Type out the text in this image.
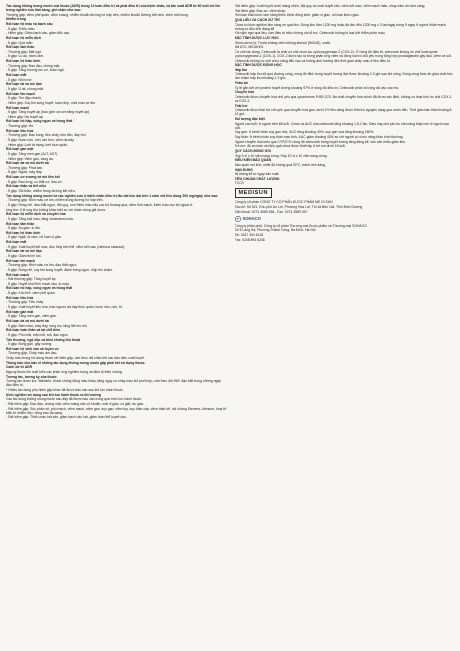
Tác dụng không mong muốn của thuốc (ADR) trong 12 tuần điều trị và phải điều trị của bệnh nhân, và tần suất ADR từ 60 tuổi trở lên trong nghiên cứu lâm sàng, ghi nhận như sau:

Thường gặp: viêm phế quản, viêm xoang, nhiễm khuẩn đường hô hấp trên, nhiễm khuẩn đường tiết niệu, viêm mũi họng.

Nhiễm trùng

Rối loạn hệ máu và bạch cầu

- Ít gặp: Thiếu máu.

- Hiếm gặp: Giảm bạch cầu, giảm tiểu cầu.

Rối loạn hệ miễn dịch

- Ít gặp: Quá mẫn.

Rối loạn tâm thần

- Thường gặp: Mất ngủ.

- Ít gặp: Lo âu, trầm cảm.

Rối loạn hệ thần kinh

- Thường gặp: Đau đầu, chóng mặt.

- Ít gặp: Tăng trương lực cơ, buồn ngủ.

Rối loạn mắt

- Ít gặp: Nhìn mờ.

Rối loạn tai và mê đạo

- Ít gặp: Ù tai, chóng mặt.

Rối loạn tim mạch

- Ít gặp: Tim đập nhanh.

- Hiếm gặp: Suy tim sung huyết, loạn nhịp, nhồi máu cơ tim.

Rối loạn mạch

- Ít gặp: Tăng huyết áp (bao gồm cả cơn tăng huyết áp).

- Hiếm gặp: Hạ huyết áp.

Rối loạn hô hấp, vùng ngực và trung thất

- Thường gặp: Ho.

Rối loạn tiêu hóa

- Thường gặp: Đau bụng, tiêu chảy, khó tiêu, đầy hơi.

- Ít gặp: Buồn nôn, nôn, táo bón, viêm dạ dày.

- Hiếm gặp: Loét tá tràng, loét thực quản.

Rối loạn gan mật

- Ít gặp: Tăng men gan (ALT, AST).

- Hiếm gặp: Viêm gan, vàng da.

Rối loạn da và mô dưới da

- Thường gặp: Phát ban.

- Ít gặp: Ngứa, mày đay.

Rối loạn cơ xương và mô liên kết

- Ít gặp: Đau lưng, co thắt cơ, đau cơ.

Rối loạn thận và tiết niệu

- Ít gặp: Sỏi thận, nhiễm trùng đường tiết niệu.

Tác dụng không mong muốn từ các nghiên cứu ở bệnh nhân điều trị lâu dài kéo dài trên 1 năm với liều dùng 200 mg/ngày như sau:

- Thường gặp: Nhồi máu cơ tim, nhiễm trùng đường hô hấp trên.

- Ít gặp: Rung nhĩ, đau thắt ngực, đột quỵ, cơn thiếu máu não cục bộ thoáng qua, viêm tĩnh mạch, thiếu máu cục bộ ngoại vi.

Ung thư: tỉ lệ ung thư không khác biệt so với nhóm dùng giả dược.

Rối loạn hệ miễn dịch và chuyển hóa

- Ít gặp: Tăng kali máu, tăng cholesterol máu.

Rối loạn tâm thần

- Ít gặp: Ảo giác, lú lẫn.

Rối loạn hệ thần kinh

- Ít gặp: Ngất, dị cảm, rối loạn vị giác.

Rối loạn mắt

- Ít gặp: Xuất huyết kết mạc, đục thủy tinh thể, viêm kết mạc (vitreous cataract).

Rối loạn tai và mê đạo

- Ít gặp: Giảm thính lực.

Rối loạn tim mạch

- Thường gặp: Nhồi máu cơ tim, đau thắt ngực.

- Ít gặp: Rung nhĩ, suy tim sung huyết, đánh trống ngực, nhịp tim chậm.

Rối loạn mạch

- Rất thường gặp: Tăng huyết áp.

- Ít gặp: Huyết khối tĩnh mạch sâu, tụ máu.

Rối loạn hô hấp, vùng ngực và trung thất

- Ít gặp: Khó thở, viêm phế quản.

Rối loạn tiêu hóa

- Thường gặp: Tiêu chảy.

- Ít gặp: Xuất huyết tiêu hóa, trào ngược dạ dày thực quản, buồn nôn, nôn, trĩ.

Rối loạn gan mật

- Ít gặp: Tăng men gan, viêm gan.

Rối loạn da và mô dưới da

- Ít gặp: Bầm máu, mày đay, rụng tóc, tăng tiết mồ hôi.

Rối loạn toàn thân và tại chỗ tiêm

- Ít gặp: Phù mặt, mệt mỏi, sốt, đau ngực.

Tổn thương, ngộ độc và biến chứng thủ thuật

- Ít gặp: Bong gân, gãy xương.

Rối loạn hệ sinh sản và tuyến vú

- Thường gặp: Chảy máu âm đạo.

Chảy máu trong khi dùng thuốc rất hiếm gặp, cần theo dõi chặt chẽ các dấu hiệu xuất huyết.

Thông báo cho bác sĩ những tác dụng không mong muốn gặp phải khi sử dụng thuốc.

Cách xử trí ADR

Ngưng thuốc khi xuất hiện các phản ứng nghiêm trọng và điều trị triệu chứng.

Tương tác, tương kỵ của thuốc

Tương tác dược lực: Warfarin, thuốc chống đông máu khác; tăng nguy cơ chảy máu khi phối hợp, cần theo dõi INR, đặc biệt trong những ngày đầu điều trị.

* Nhiều tác dụng phụ hiếm gặp khác đã được báo cáo sau khi lưu hành thuốc.

Kinh nghiệm sử dụng sau khi lưu hành thuốc ra thị trường

Các tác dụng không mong muốn sau đây đã được báo cáo trong quá trình lưu hành thuốc:

- Rất hiếm gặp: Đau đầu, chóng mặt, viêm màng não vô khuẩn, mất vị giác, co giật, ảo giác.

- Rất hiếm gặp: Sốc phản vệ, phù mạch, viêm mạch, viêm gan, suy gan, viêm tụy, suy thận cấp, viêm thận kẽ, hội chứng Stevens-Johnson, hoại tử biểu bì nhiễm độc, hồng ban đa dạng.

- Rất hiếm gặp: Thiếu máu bất sản, giảm bạch cầu hạt, giảm toàn thể huyết cầu.

Rất hiếm gặp: Xuất huyết dưới màng nhện, đột quỵ do xuất huyết não, viêm kết mạc, viêm mạch máu, nhạy cảm với ánh sáng.

Rất hiếm gặp: Đau cơ, viêm khớp.

Rối loạn thần kinh: làm nặng thêm bệnh động kinh, giảm vị giác, rối loạn khứu giác.

QUÁ LIỀU VÀ CÁCH XỬ TRÍ

Chưa có kinh nghiệm lâm sàng về quá liều. Dùng liều đơn 1200 mg hoặc đa liều đến 1200 mg x 2 lần/ngày trong 9 ngày ở người khỏe mạnh không có độc tính đáng kể.

Khi nghi ngờ quá liều, cần điều trị triệu chứng và hỗ trợ. Celecoxib không bị loại bởi thẩm phân máu.

ĐẶC TÍNH DƯỢC LỰC HỌC

Nhóm dược lý: Thuốc kháng viêm không steroid (NSAID), coxib.

Mã ATC: M01AH01

Cơ chế tác dụng: Celecoxib là chất ức chế chọn lọc cyclooxygenase-2 (COX-2). Ở nồng độ điều trị, celecoxib không ức chế isoenzyme cyclooxygenase-1 (COX-1). COX-2 được tạo ra trong phản ứng viêm và đóng vai trò chủ yếu trong tổng hợp prostaglandin gây đau, viêm và sốt.

Celecoxib không ức chế chức năng tiểu cầu và không ảnh hưởng đến thời gian chảy máu ở liều điều trị.

ĐẶC TÍNH DƯỢC ĐỘNG HỌC

Hấp thu

Celecoxib hấp thu tốt qua đường uống, nồng độ đỉnh trong huyết tương đạt được khoảng 2-3 giờ sau khi uống. Dùng cùng thức ăn giàu chất béo làm chậm hấp thu khoảng 1-2 giờ.

Phân bố

Tỷ lệ gắn kết với protein huyết tương khoảng 97% ở nồng độ điều trị. Celecoxib phân bố rộng rãi vào các mô.

Chuyển hóa

Celecoxib được chuyển hóa chủ yếu qua cytochrome P450 2C9. Ba chất chuyển hóa chính đã được xác định, không có hoạt tính ức chế COX-1 và COX-2.

Thải trừ

Celecoxib được thải trừ chủ yếu qua chuyển hóa gan, dưới 1% liều dùng được thải trừ nguyên dạng qua nước tiểu. Thời gian bán thải khoảng 8-12 giờ.

Đối tượng đặc biệt

Người cao tuổi: ở người trên 65 tuổi, Cmax và AUC của celecoxib tăng khoảng 1,5-2 lần. Điều này chủ yếu do cân nặng thấp hơn ở người cao tuổi.

Suy gan: ở bệnh nhân suy gan nhẹ, AUC tăng khoảng 40%; suy gan vừa tăng khoảng 180%.

Suy thận: ở bệnh nhân suy thận mạn tính, AUC giảm khoảng 40% so với người có chức năng thận bình thường.

Người chuyển hóa kém qua CYP2C9: nồng độ celecoxib trong huyết tương tăng đáng kể, cần cân nhắc giảm liều.

Trẻ em: độ an toàn và hiệu quả chưa được thiết lập ở trẻ em dưới 18 tuổi.

QUY CÁCH ĐÓNG GÓI

Hộp 3 vỉ x 10 viên nang cứng. Hộp 10 vỉ x 10 viên nang cứng.

ĐIỀU KIỆN BẢO QUẢN

Bảo quản nơi khô, nhiệt độ không quá 30°C, tránh ánh sáng.

HẠN DÙNG

36 tháng kể từ ngày sản xuất.

TIÊU CHUẨN CHẤT LƯỢNG

TCCS

MEDISUN

Công ty cổ phần CÔNG TY CỔ PHẦN DƯỢC PHẨM ME DI SUN

Địa chỉ: Số 521, Khu phố An Lợi, Phường Hòa Lợi, Thị xã Bến Cát, Tỉnh Bình Dương

Điện thoại: 0274 3589 456 - Fax: 0274 3589 457

SOHACO

Công ty phân phối: Công ty cổ phần Thương mại Dược phẩm và Thương mại SOHACO

Số 5 Láng Hạ, Phường Thành Công, Ba Đình, Hà Nội

Tel: 0247 304 6118

Fax: 0248 894 6236
